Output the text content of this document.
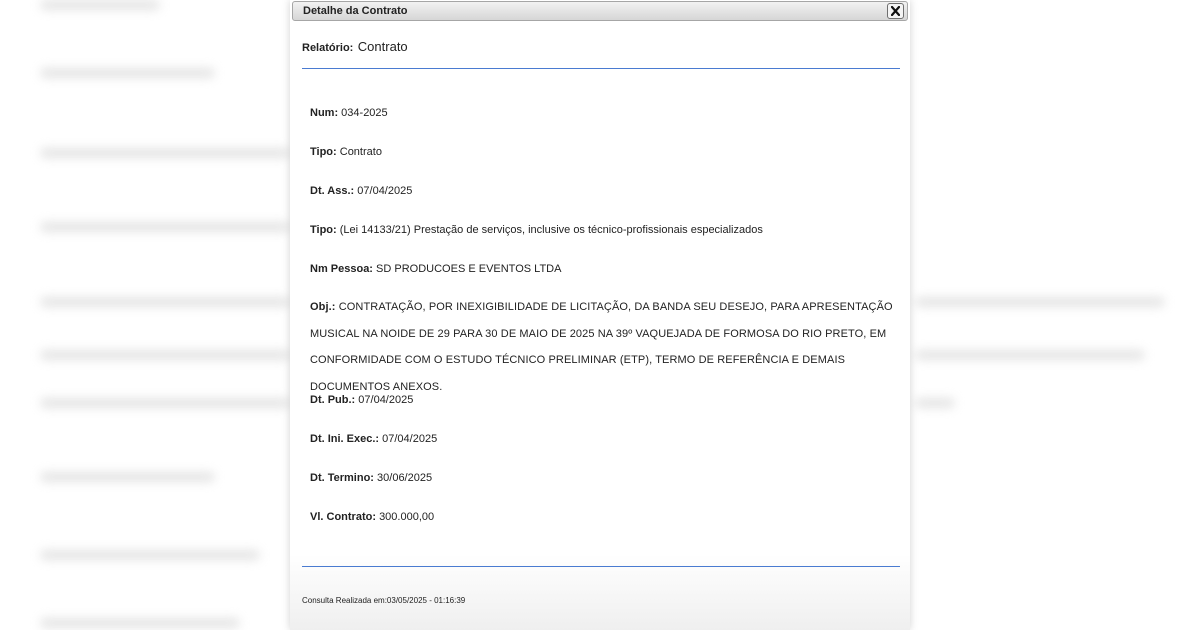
Detalhe da Contrato
Relatório: Contrato
Num: 034-2025
Tipo: Contrato
Dt. Ass.: 07/04/2025
Tipo: (Lei 14133/21) Prestação de serviços, inclusive os técnico-profissionais especializados
Nm Pessoa: SD PRODUCOES E EVENTOS LTDA
Obj.: CONTRATAÇÃO, POR INEXIGIBILIDADE DE LICITAÇÃO, DA BANDA SEU DESEJO, PARA APRESENTAÇÃO MUSICAL NA NOIDE DE 29 PARA 30 DE MAIO DE 2025 NA 39º VAQUEJADA DE FORMOSA DO RIO PRETO, EM CONFORMIDADE COM O ESTUDO TÉCNICO PRELIMINAR (ETP), TERMO DE REFERÊNCIA E DEMAIS DOCUMENTOS ANEXOS.
Dt. Pub.: 07/04/2025
Dt. Ini. Exec.: 07/04/2025
Dt. Termino: 30/06/2025
Vl. Contrato: 300.000,00
Consulta Realizada em:03/05/2025 - 01:16:39
